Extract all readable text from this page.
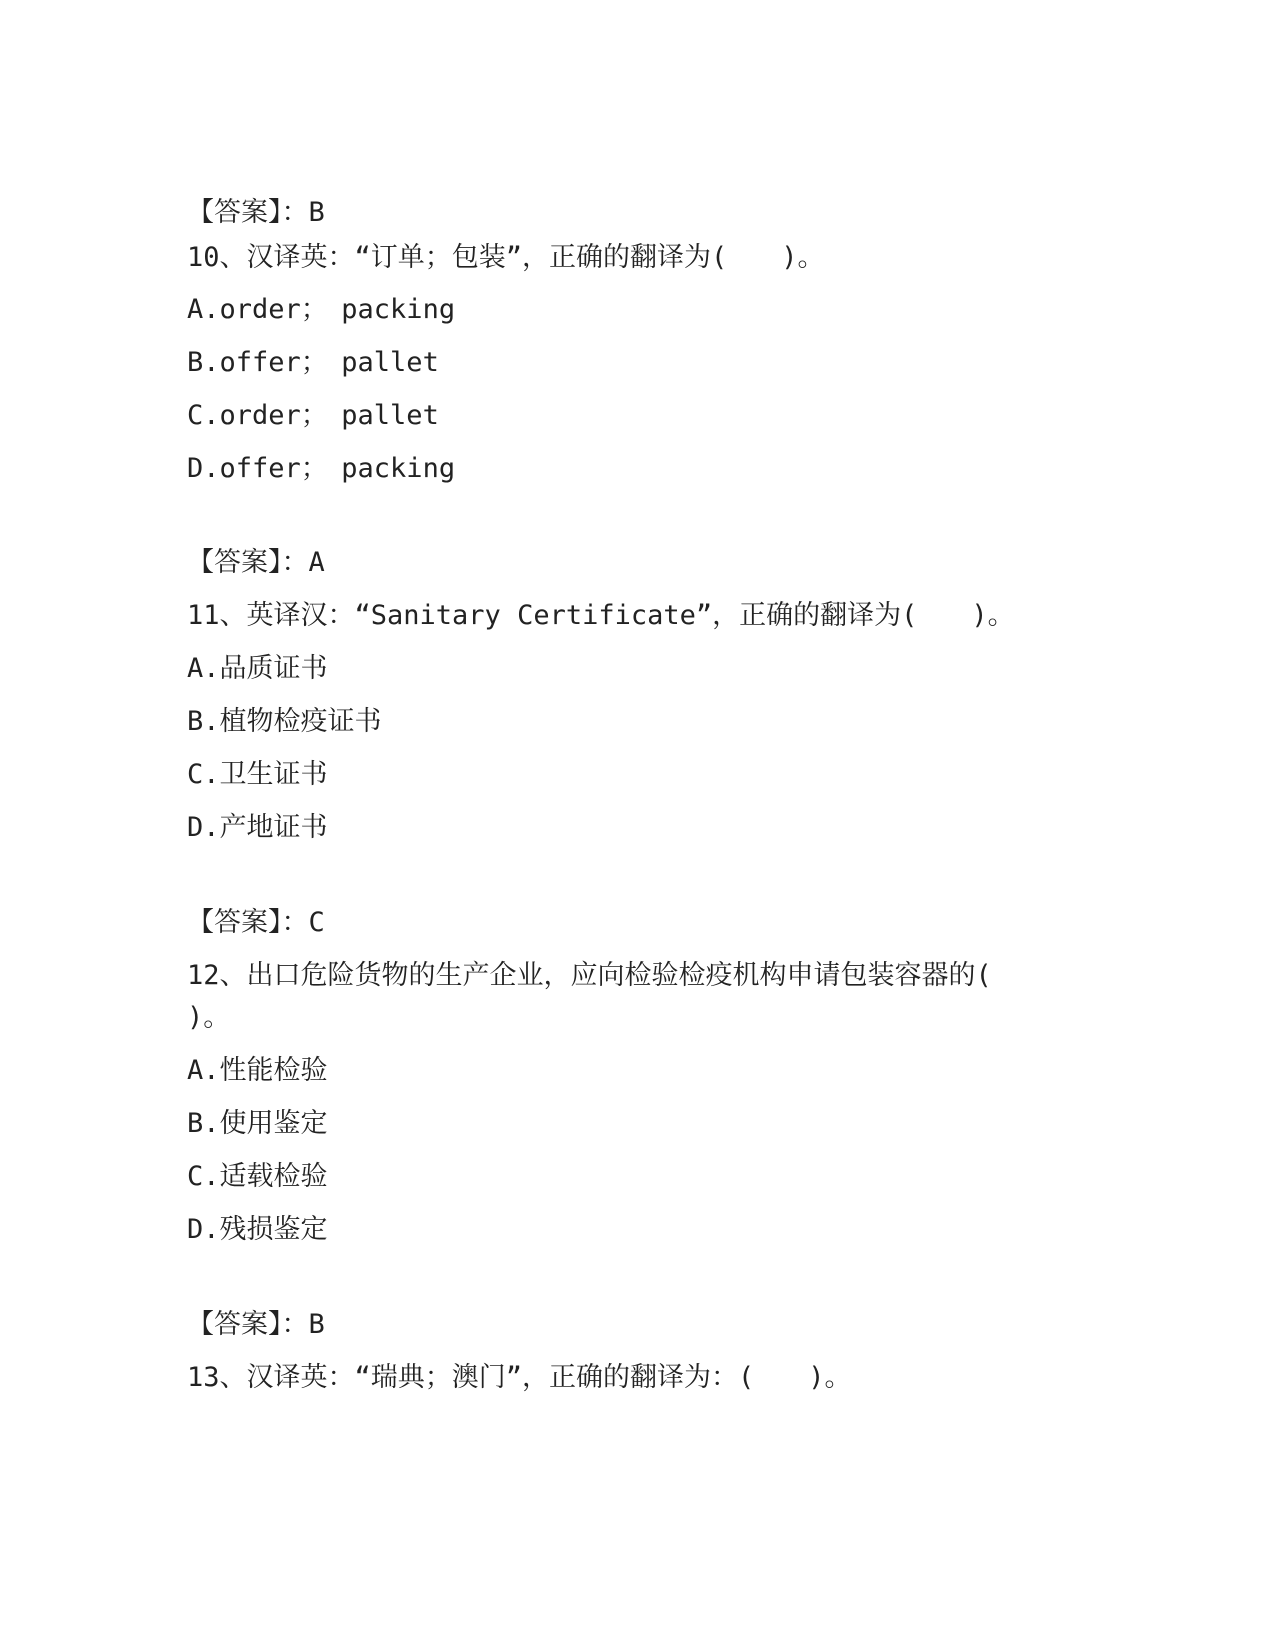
【答案】：B
10、汉译英：“订单；包装”，正确的翻译为(　　)。
A.order；　packing
B.offer；　pallet
C.order；　pallet
D.offer；　packing
【答案】：A
11、英译汉：“Sanitary Certificate”，正确的翻译为(　　)。
A.品质证书
B.植物检疫证书
C.卫生证书
D.产地证书
【答案】：C
12、出口危险货物的生产企业，应向检验检疫机构申请包装容器的(
)。
A.性能检验
B.使用鉴定
C.适载检验
D.残损鉴定
【答案】：B
13、汉译英：“瑞典；澳门”，正确的翻译为：(　　)。
